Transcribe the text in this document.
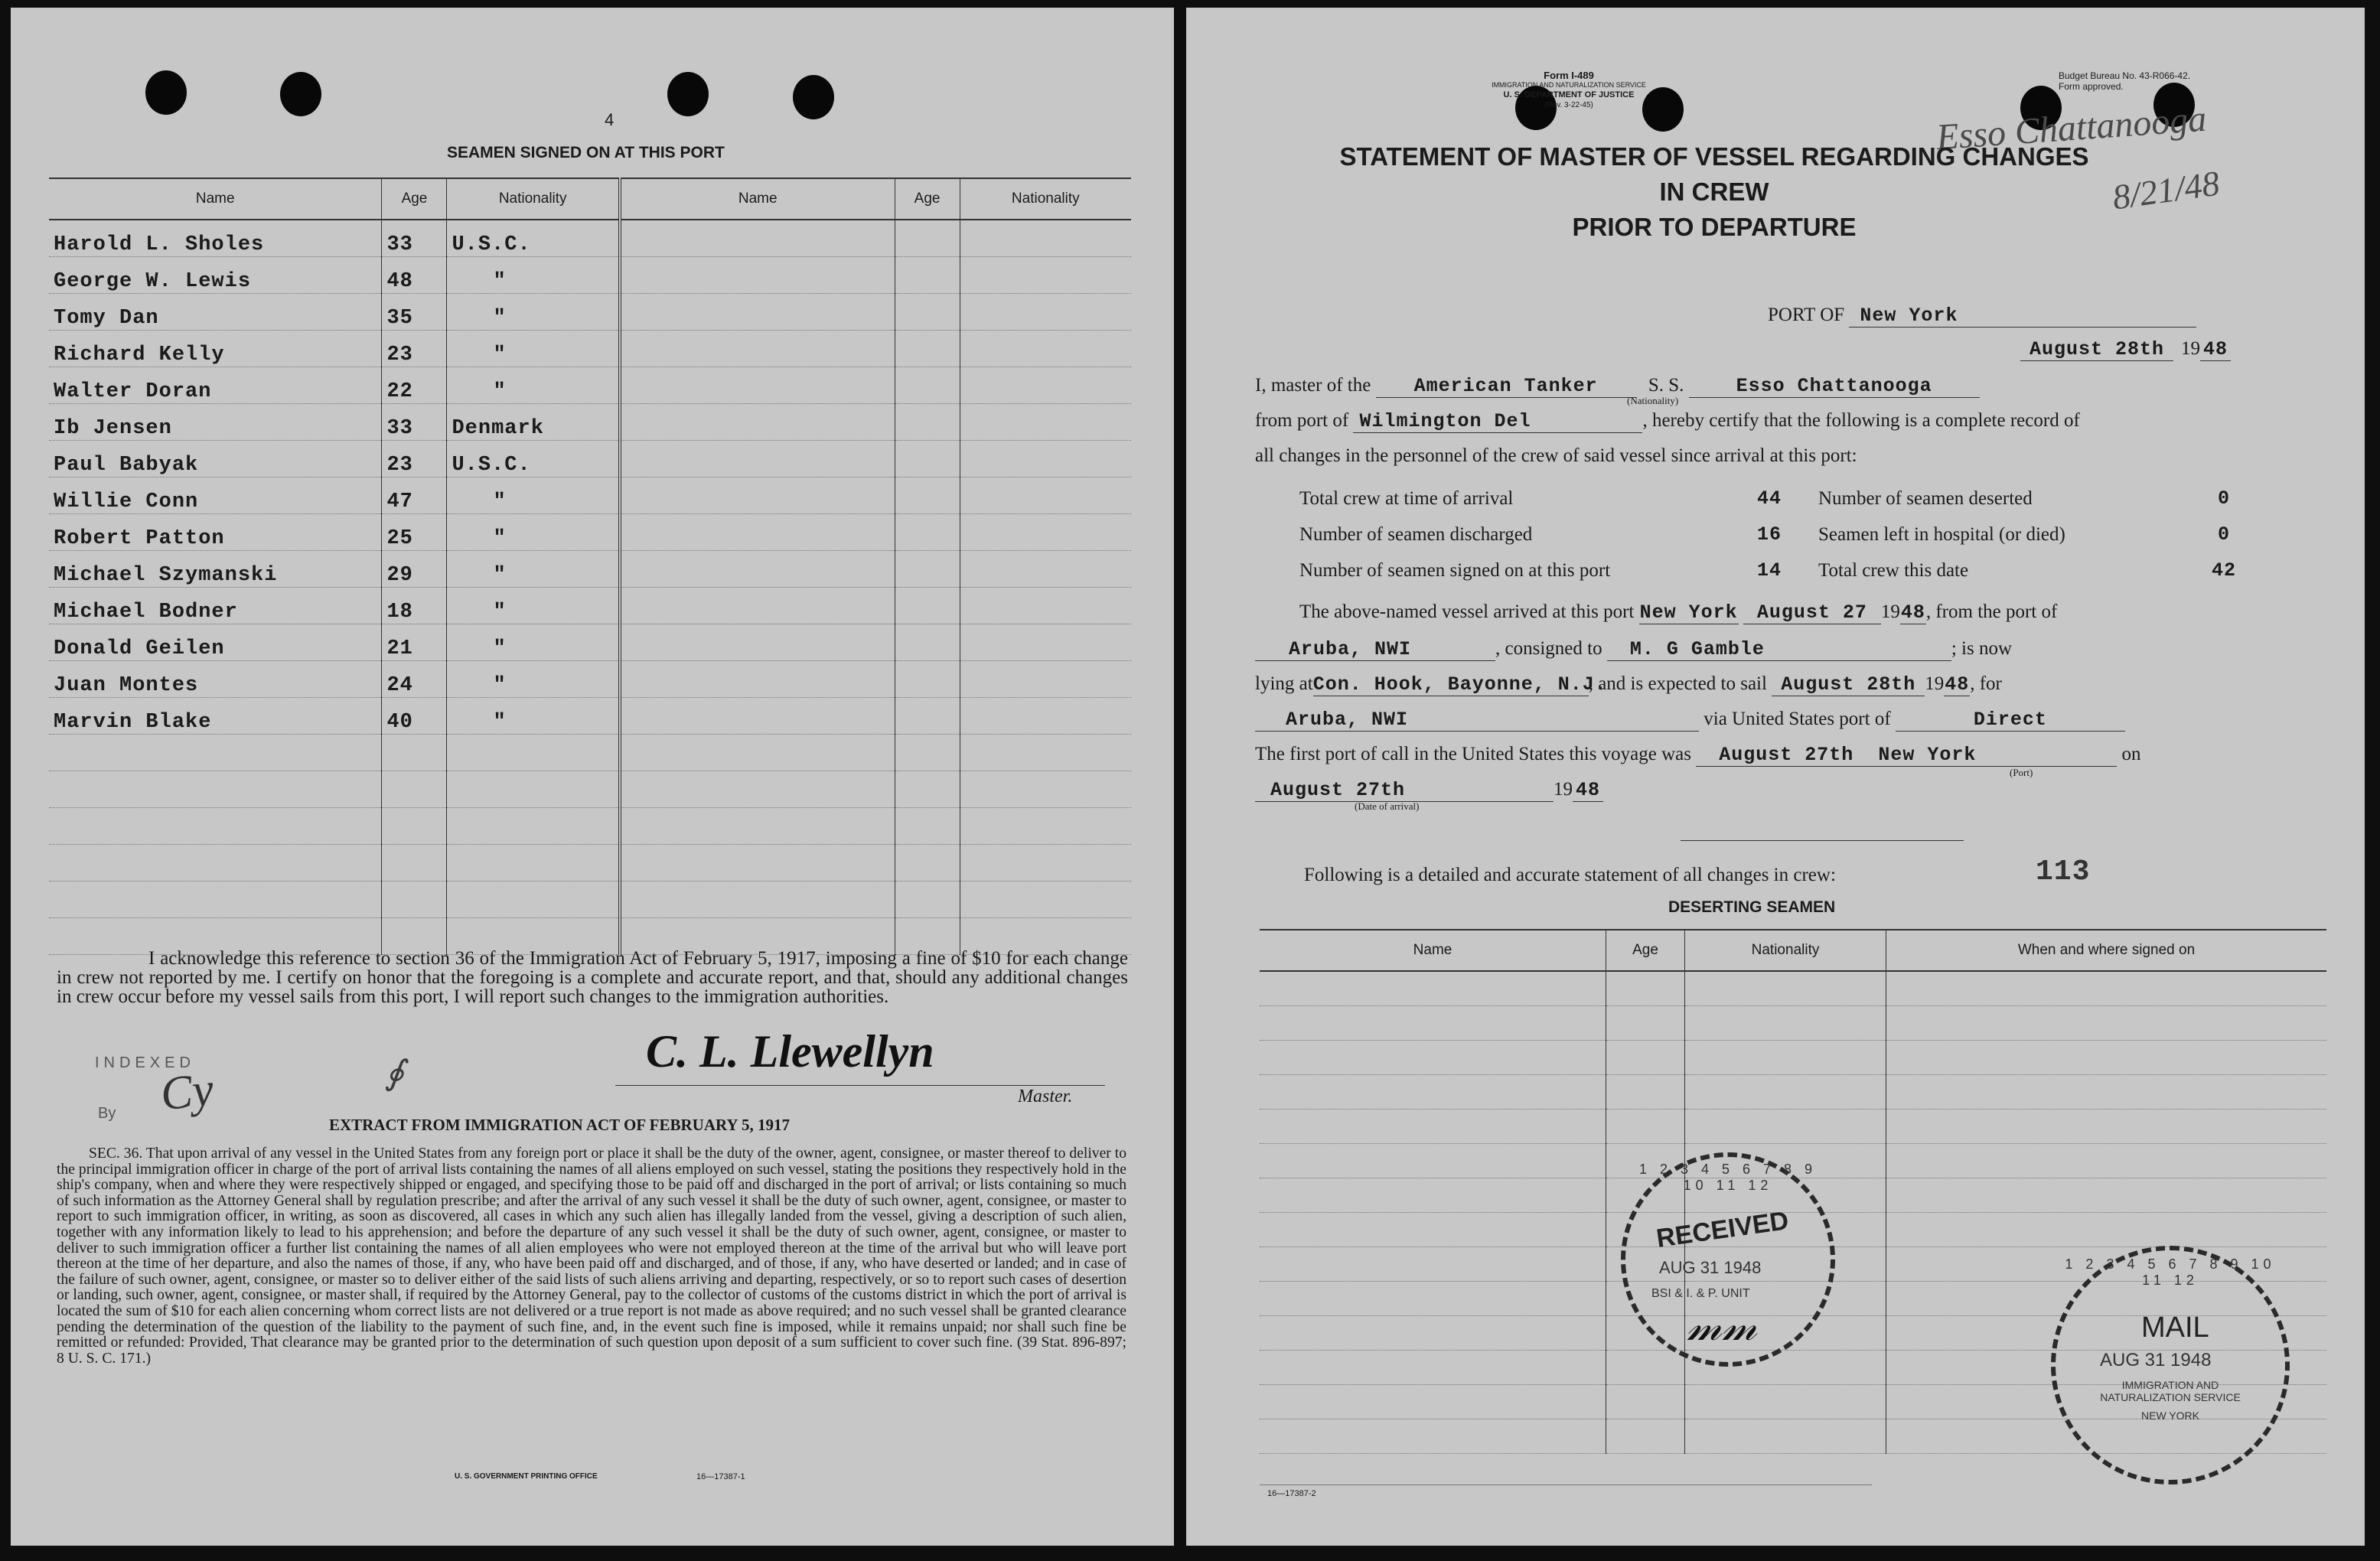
4
SEAMEN SIGNED ON AT THIS PORT
Name	Age	Nationality	Name	Age	Nationality
Harold L. Sholes	33	U.S.C.			
George W. Lewis	48	"			
Tomy Dan	35	"			
Richard Kelly	23	"			
Walter Doran	22	"			
Ib Jensen	33	Denmark			
Paul Babyak	23	U.S.C.			
Willie Conn	47	"			
Robert Patton	25	"			
Michael Szymanski	29	"			
Michael Bodner	18	"			
Donald Geilen	21	"			
Juan Montes	24	"			
Marvin Blake	40	"			

I acknowledge this reference to section 36 of the Immigration Act of February 5, 1917, imposing a fine of $10 for each change in crew not reported by me. I certify on honor that the foregoing is a complete and accurate report, and that, should any additional changes in crew occur before my vessel sails from this port, I will report such changes to the immigration authorities.
INDEXED
By Cy	∮	C. L. Llewellyn
Master.
EXTRACT FROM IMMIGRATION ACT OF FEBRUARY 5, 1917
SEC. 36. That upon arrival of any vessel in the United States from any foreign port or place it shall be the duty of the owner, agent, consignee, or master thereof to deliver to the principal immigration officer in charge of the port of arrival lists containing the names of all aliens employed on such vessel, stating the positions they respectively hold in the ship's company, when and where they were respectively shipped or engaged, and specifying those to be paid off and discharged in the port of arrival; or lists containing so much of such information as the Attorney General shall by regulation prescribe; and after the arrival of any such vessel it shall be the duty of such owner, agent, consignee, or master to report to such immigration officer, in writing, as soon as discovered, all cases in which any such alien has illegally landed from the vessel, giving a description of such alien, together with any information likely to lead to his apprehension; and before the departure of any such vessel it shall be the duty of such owner, agent, consignee, or master to deliver to such immigration officer a further list containing the names of all alien employees who were not employed thereon at the time of the arrival but who will leave port thereon at the time of her departure, and also the names of those, if any, who have been paid off and discharged, and of those, if any, who have deserted or landed; and in case of the failure of such owner, agent, consignee, or master so to deliver either of the said lists of such aliens arriving and departing, respectively, or so to report such cases of desertion or landing, such owner, agent, consignee, or master shall, if required by the Attorney General, pay to the collector of customs of the customs district in which the port of arrival is located the sum of $10 for each alien concerning whom correct lists are not delivered or a true report is not made as above required; and no such vessel shall be granted clearance pending the determination of the question of the liability to the payment of such fine, and, in the event such fine is imposed, while it remains unpaid; nor shall such fine be remitted or refunded: Provided, That clearance may be granted prior to the determination of such question upon deposit of a sum sufficient to cover such fine. (39 Stat. 896-897; 8 U. S. C. 171.)
U. S. GOVERNMENT PRINTING OFFICE	16—17387-1
Form I-489
IMMIGRATION AND NATURALIZATION SERVICE
U. S. DEPARTMENT OF JUSTICE
(Rev. 3-22-45)
Budget Bureau No. 43-R066-42.
Form approved.
Esso Chattanooga
8/21/48
STATEMENT OF MASTER OF VESSEL REGARDING CHANGES IN CREW
PRIOR TO DEPARTURE
PORT OF New York
August 28th 19 48
I, master of the American Tanker	S. S.	Esso Chattanooga
(Nationality)
from port of Wilmington Del	, hereby certify that the following is a complete record of
all changes in the personnel of the crew of said vessel since arrival at this port:
Total crew at time of arrival	44	Number of seamen deserted	0
Number of seamen discharged	16	Seamen left in hospital (or died)	0
Number of seamen signed on at this port	14	Total crew this date	42
The above-named vessel arrived at this port New York August 27 1948, from the port of
Aruba, NWI	, consigned to M. G Gamble	; is now
lying atCon. Hook, Bayonne, N.J., and is expected to sail August 28th 1948, for
Aruba, NWI	via United States port of	Direct
The first port of call in the United States this voyage was August 27th New York	on
(Port)
August 27th	19 48
(Date of arrival)
Following is a detailed and accurate statement of all changes in crew:	113
DESERTING SEAMEN
Name	Age	Nationality	When and where signed on

1 2 3 4 5 6 7 8 9 10 11 12
RECEIVED
AUG 31 1948
BSI & I. & P. UNIT
𝓂𝓂
1 2 3 4 5 6 7 8 9 10 11 12
MAIL
AUG 31 1948
IMMIGRATION AND NATURALIZATION SERVICE
NEW YORK
16—17387-2
